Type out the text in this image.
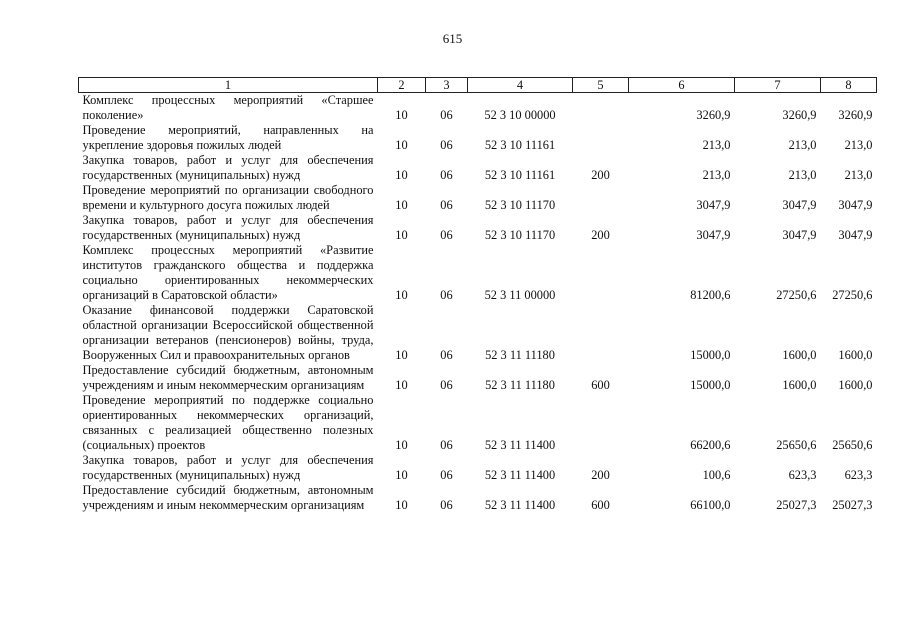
615
1	2	3	4	5	6	7	8
Комплекс процессных мероприятий «Старшее поколение»	10	06	52 3 10 00000		3260,9	3260,9	3260,9
Проведение мероприятий, направленных на укрепление здоровья пожилых людей	10	06	52 3 10 11161		213,0	213,0	213,0
Закупка товаров, работ и услуг для обеспечения государственных (муниципальных) нужд	10	06	52 3 10 11161	200	213,0	213,0	213,0
Проведение мероприятий по организации свободного времени и культурного досуга пожилых людей	10	06	52 3 10 11170		3047,9	3047,9	3047,9
Закупка товаров, работ и услуг для обеспечения государственных (муниципальных) нужд	10	06	52 3 10 11170	200	3047,9	3047,9	3047,9
Комплекс процессных мероприятий «Развитие институтов гражданского общества и поддержка социально ориентированных некоммерческих организаций в Саратовской области»	10	06	52 3 11 00000		81200,6	27250,6	27250,6
Оказание финансовой поддержки Саратовской областной организации Всероссийской общественной организации ветеранов (пенсионеров) войны, труда, Вооруженных Сил и правоохранительных органов	10	06	52 3 11 11180		15000,0	1600,0	1600,0
Предоставление субсидий бюджетным, автономным учреждениям и иным некоммерческим организациям	10	06	52 3 11 11180	600	15000,0	1600,0	1600,0
Проведение мероприятий по поддержке социально ориентированных некоммерческих организаций, связанных с реализацией общественно полезных (социальных) проектов	10	06	52 3 11 11400		66200,6	25650,6	25650,6
Закупка товаров, работ и услуг для обеспечения государственных (муниципальных) нужд	10	06	52 3 11 11400	200	100,6	623,3	623,3
Предоставление субсидий бюджетным, автономным учреждениям и иным некоммерческим организациям	10	06	52 3 11 11400	600	66100,0	25027,3	25027,3
